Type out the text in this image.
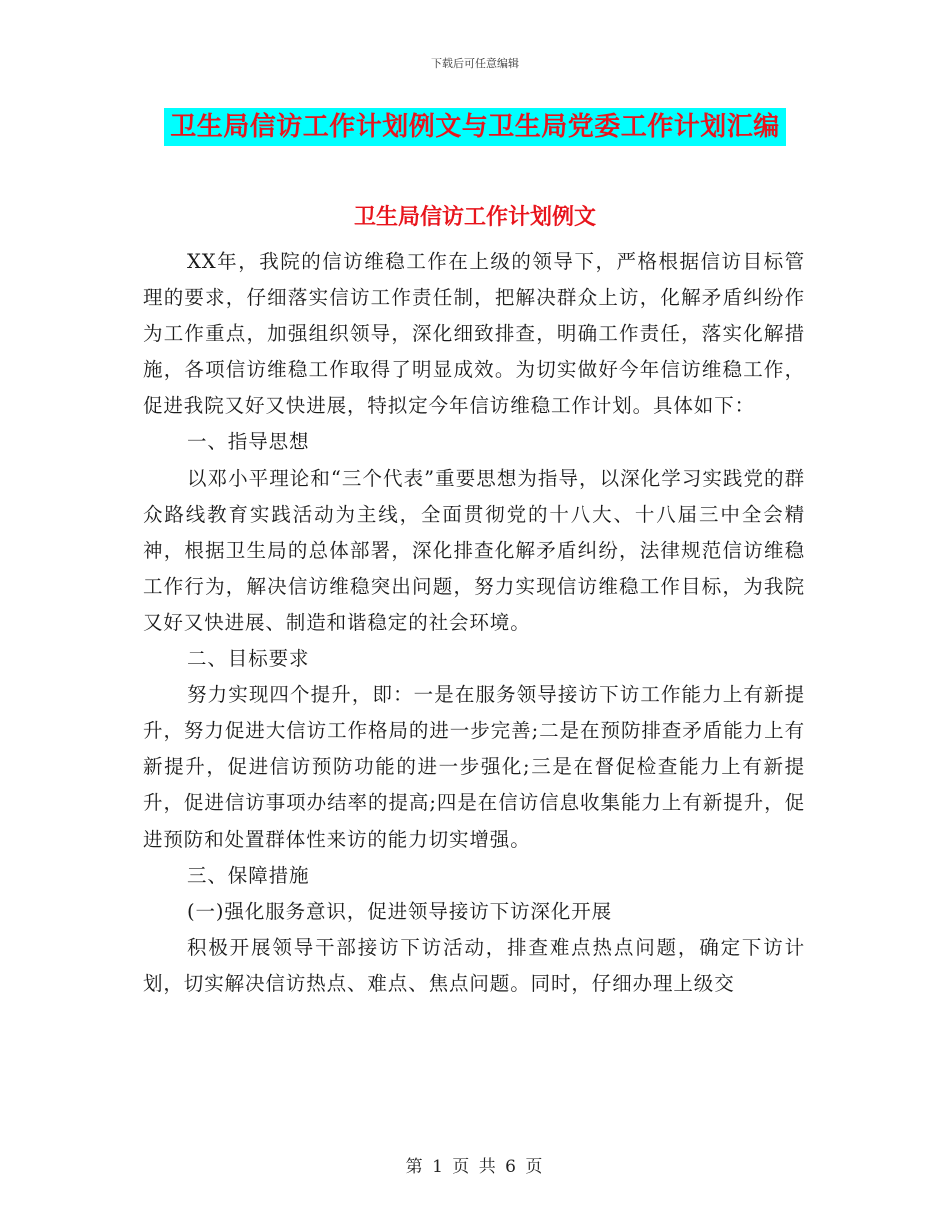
下载后可任意编辑
卫生局信访工作计划例文与卫生局党委工作计划汇编
卫生局信访工作计划例文

XX年，我院的信访维稳工作在上级的领导下，严格根据信访目标管理的要求，仔细落实信访工作责任制，把解决群众上访，化解矛盾纠纷作为工作重点，加强组织领导，深化细致排查，明确工作责任，落实化解措施，各项信访维稳工作取得了明显成效。为切实做好今年信访维稳工作，促进我院又好又快进展，特拟定今年信访维稳工作计划。具体如下：

一、指导思想

以邓小平理论和“三个代表”重要思想为指导，以深化学习实践党的群众路线教育实践活动为主线，全面贯彻党的十八大、十八届三中全会精神，根据卫生局的总体部署，深化排查化解矛盾纠纷，法律规范信访维稳工作行为，解决信访维稳突出问题，努力实现信访维稳工作目标，为我院又好又快进展、制造和谐稳定的社会环境。

二、目标要求

努力实现四个提升，即：一是在服务领导接访下访工作能力上有新提升，努力促进大信访工作格局的进一步完善;二是在预防排查矛盾能力上有新提升，促进信访预防功能的进一步强化;三是在督促检查能力上有新提升，促进信访事项办结率的提高;四是在信访信息收集能力上有新提升，促进预防和处置群体性来访的能力切实增强。

三、保障措施

(一)强化服务意识，促进领导接访下访深化开展

积极开展领导干部接访下访活动，排查难点热点问题，确定下访计划，切实解决信访热点、难点、焦点问题。同时，仔细办理上级交

第 1 页 共 6 页
